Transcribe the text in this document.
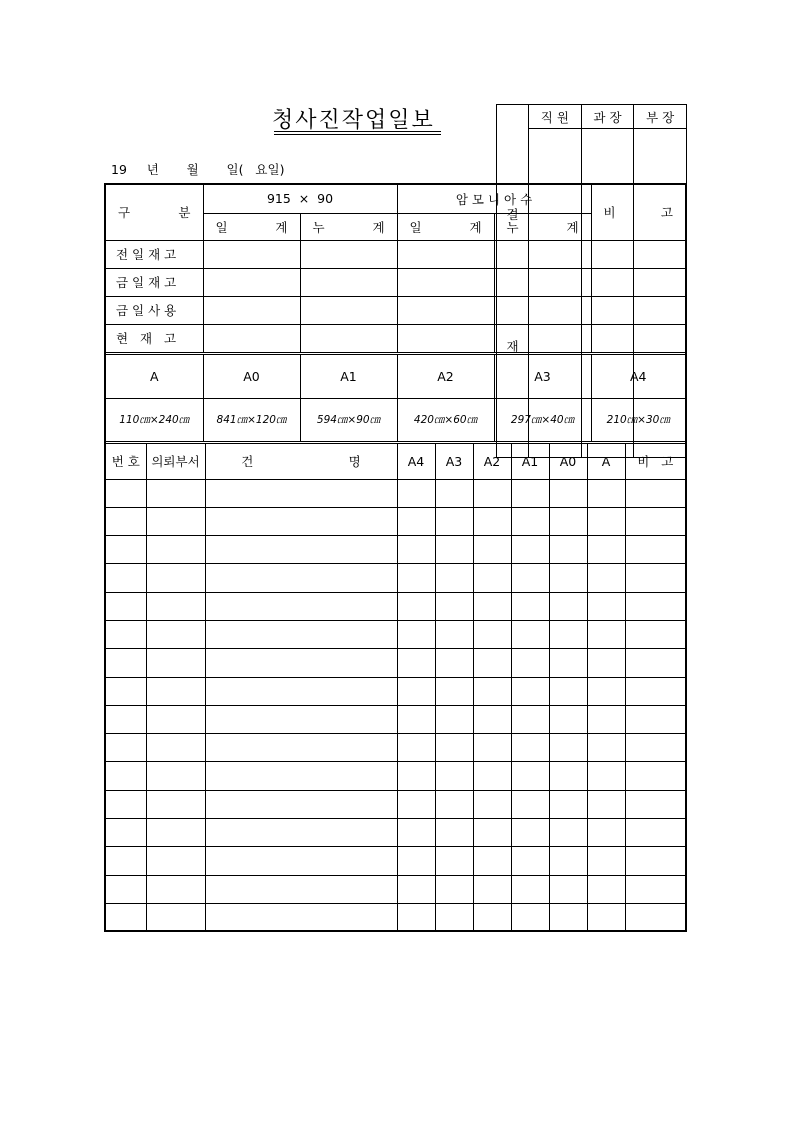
청사진작업일보
19     년       월       일(   요일)

결

재	직 원	과 장	부 장

구        분	915  ×  90		암 모 니 아 수		비        고
	일        계	누        계	일        계	누        계	
전 일 재 고					
금 일 재 고					
금 일 사 용					
현   재   고					
A	A0	A1	A2	A3	A4
110㎝×240㎝	841㎝×120㎝	594㎝×90㎝	420㎝×60㎝	297㎝×40㎝	210㎝×30㎝
번 호	의뢰부서	건                        명	A4	A3	A2	A1	A0	A	비   고
